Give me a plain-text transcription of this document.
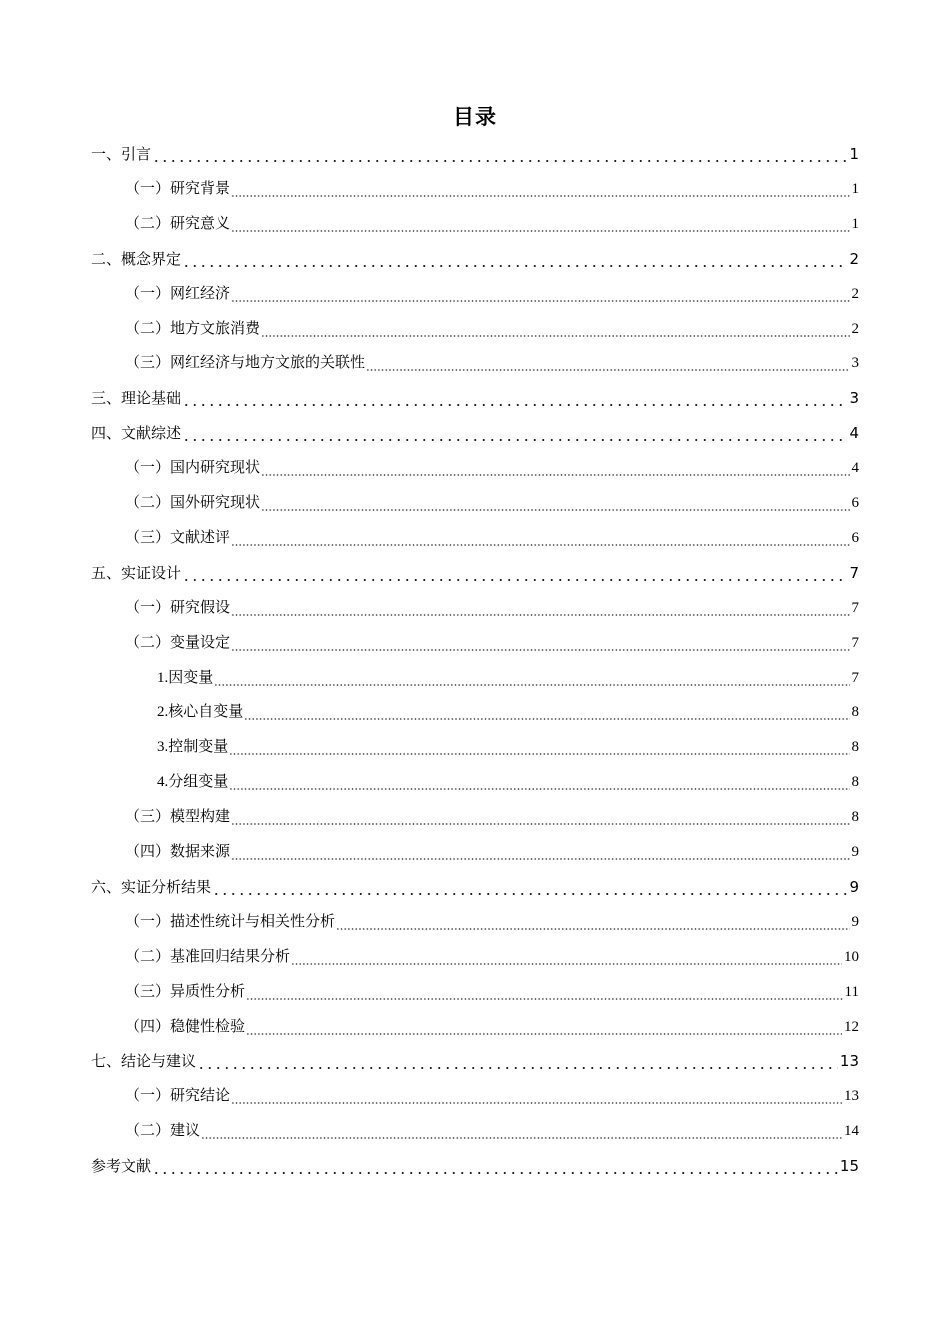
目录
一、引言	1
（一）研究背景	1
（二）研究意义	1
二、概念界定	2
（一）网红经济	2
（二）地方文旅消费	2
（三）网红经济与地方文旅的关联性	3
三、理论基础	3
四、文献综述	4
（一）国内研究现状	4
（二）国外研究现状	6
（三）文献述评	6
五、实证设计	7
（一）研究假设	7
（二）变量设定	7
1.因变量	7
2.核心自变量	8
3.控制变量	8
4.分组变量	8
（三）模型构建	8
（四）数据来源	9
六、实证分析结果	9
（一）描述性统计与相关性分析	9
（二）基准回归结果分析	10
（三）异质性分析	11
（四）稳健性检验	12
七、结论与建议	13
（一）研究结论	13
（二）建议	14
参考文献	15
